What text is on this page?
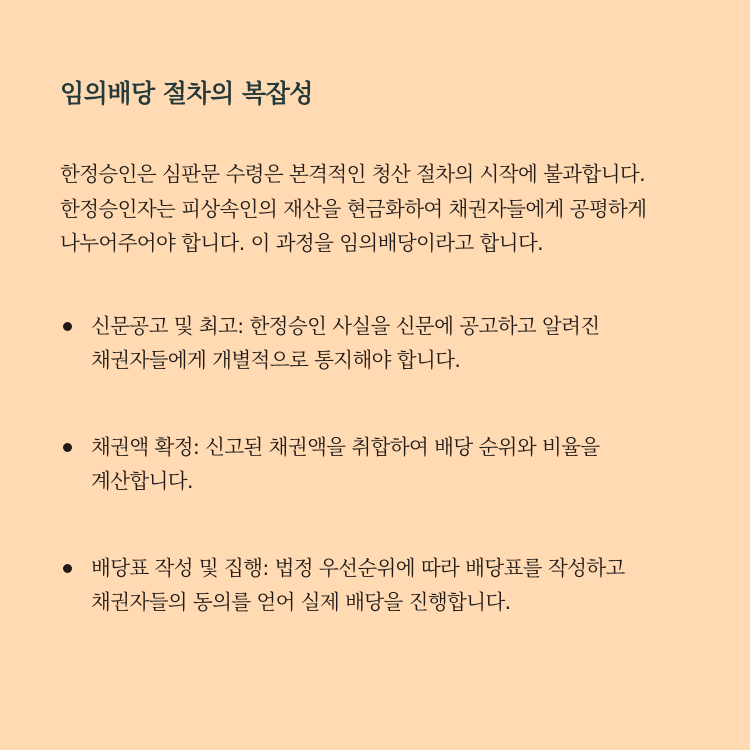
임의배당 절차의 복잡성

한정승인은 심판문 수령은 본격적인 청산 절차의 시작에 불과합니다. 한정승인자는 피상속인의 재산을 현금화하여 채권자들에게 공평하게 나누어주어야 합니다. 이 과정을 임의배당이라고 합니다.

신문공고 및 최고: 한정승인 사실을 신문에 공고하고 알려진 채권자들에게 개별적으로 통지해야 합니다.
채권액 확정: 신고된 채권액을 취합하여 배당 순위와 비율을 계산합니다.
배당표 작성 및 집행: 법정 우선순위에 따라 배당표를 작성하고 채권자들의 동의를 얻어 실제 배당을 진행합니다.
